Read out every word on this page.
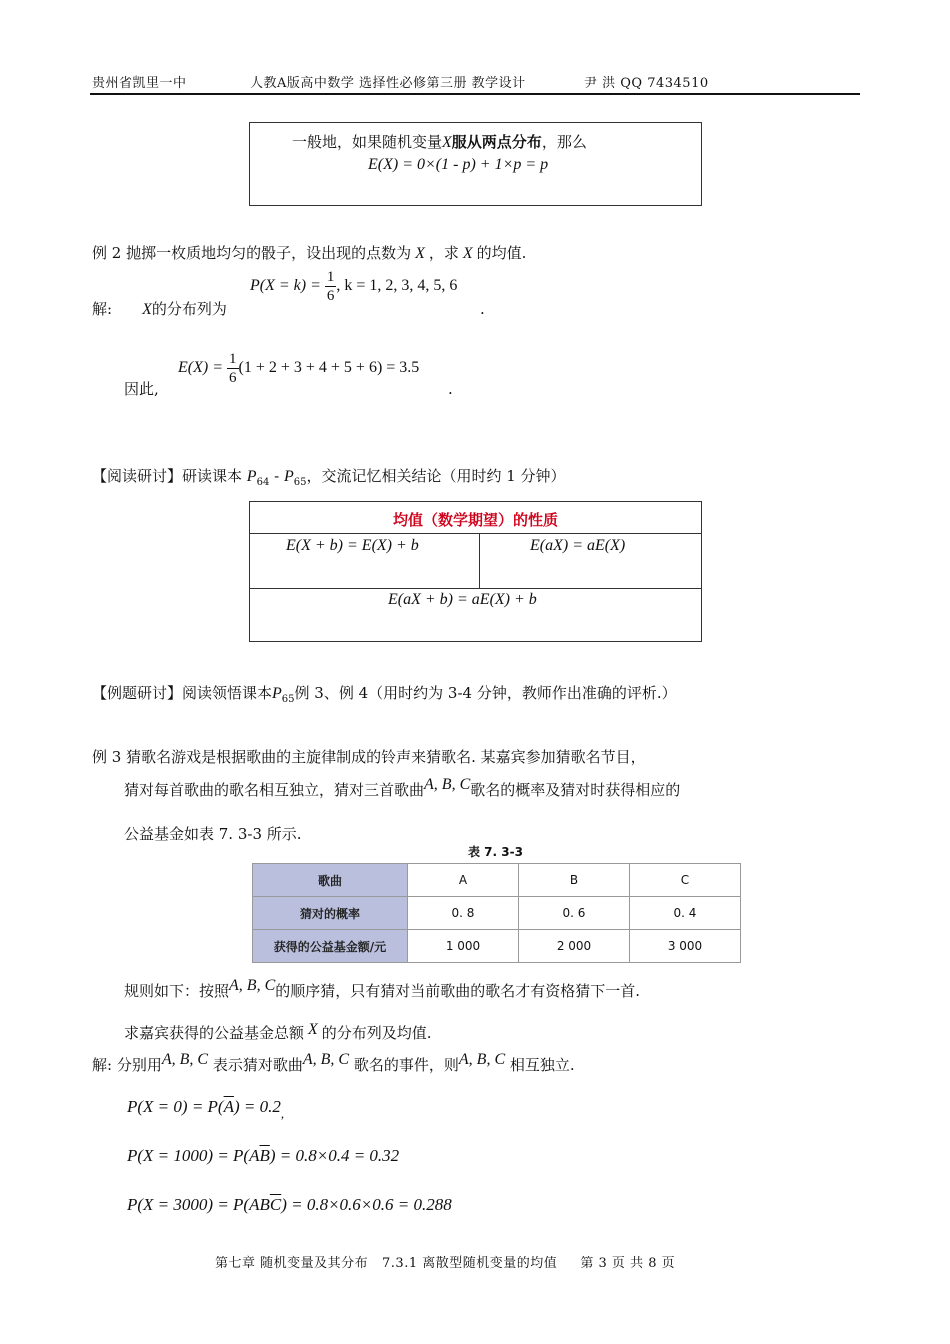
贵州省凯里一中

	人教A版高中数学 选择性必修第三册 教学设计

	尹 洪 QQ 7434510

一般地，如果随机变量X服从两点分布，那么
E(X) = 0×(1 - p) + 1×p = p
例 2 抛掷一枚质地均匀的骰子，设出现的点数为 X ，求 X 的均值.
解: X的分布列为
$P(X = k) = \frac{1}{6}$ , k = 1, 2, 3, 4, 5, 6
.
$E(X) = \frac{1}{6} (1 + 2 + 3 + 4 + 5 + 6) = 3.5$
因此,	.
【阅读研讨】研读课本 $P_{64} - P_{65}$，交流记忆相关结论（用时约 1 分钟）
均值（数学期望）的性质
E(X + b) = E(X) + b	E(aX) = aE(X)
E(aX + b) = aE(X) + b
【例题研讨】阅读领悟课本$P_{65}$例 3、例 4（用时约为 3-4 分钟，教师作出准确的评析.）
例 3 猜歌名游戏是根据歌曲的主旋律制成的铃声来猜歌名. 某嘉宾参加猜歌名节目，
猜对每首歌曲的歌名相互独立，猜对三首歌曲A, B, C歌名的概率及猜对时获得相应的
公益基金如表 7. 3-3 所示.
表 7. 3-3
歌曲	A	B	C
猜对的概率	0. 8	0. 6	0. 4
获得的公益基金额/元	1 000	2 000	3 000
规则如下：按照A, B, C的顺序猜，只有猜对当前歌曲的歌名才有资格猜下一首.
求嘉宾获得的公益基金总额 X 的分布列及均值.
解: 分别用A, B, C 表示猜对歌曲A, B, C 歌名的事件，则A, B, C 相互独立.
$P(X = 0) = P(\overline{A}) = 0.2_,$
$P(X = 1000) = P(A\overline{B}) = 0.8\times 0.4 = 0.32$
$P(X = 3000) = P(AB\overline{C}) = 0.8\times 0.6\times 0.6 = 0.288$
第七章 随机变量及其分布   7.3.1 离散型随机变量的均值     第 3 页 共 8 页
